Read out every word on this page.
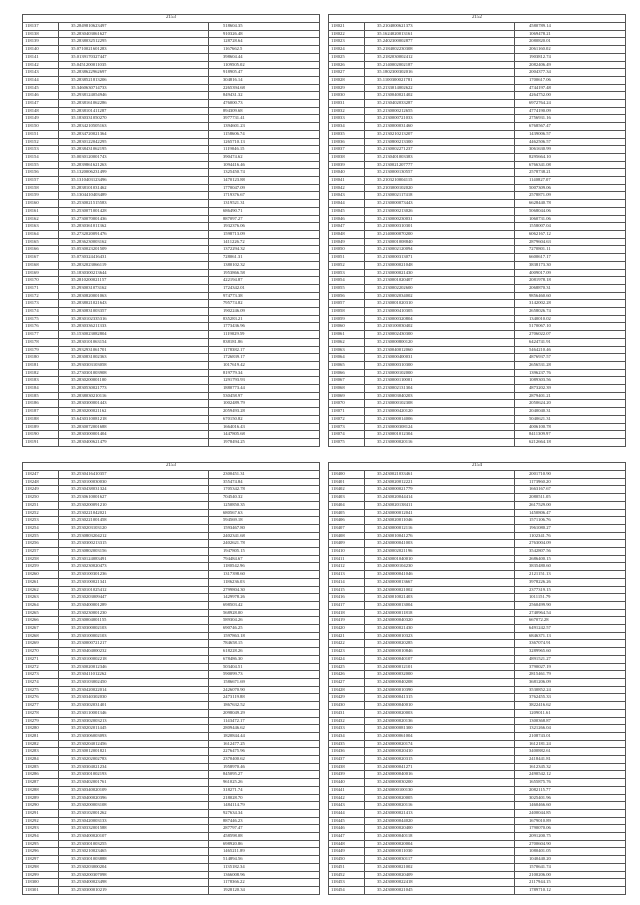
2153		
118137	35.2849810623497	518604.35
118138	35.2830403061627	910326.48
118139	35.2838032512295	128728.64
118140	35.0710021601283	1167662.5
118141	35.0139170327447	398604.44
118142	35.0451200011035	1109505.02
118143	35.2838622962697	918905.47
118144	35.2838521813206	304816.14
118145	35.3460630714733	2265394.68
118146	35.2938124054946	849431.32
118147	35.2838161062286	476000.73
118148	35.2838101411287	894309.68
118149	35.1830331050270	3977731.41
118150	35.2834210505163	1394601.23
118151	35.2834720021364	1158606.74
118152	35.2830122042295	1265710.13
118153	35.2838431062195	1119046.15
118154	35.0030120001743	390474.62
118155	35.2839861621263	1094416.46
118156	35.1320006231499	1325450.74
118157	35.1310403123496	1470123.88
118158	35.2838101031462	1770047.09
118159	35.1304410403489	1719376.67
118160	35.2530021515583	1319521.31
118161	35.2530071001428	686490.71
118162	35.2730070001436	887097.27
118163	35.2830361011362	1932376.06
118164	35.2732020091476	1598713.09
118165	35.2836230003162	1411226.72
118166	35.0530023201509	1372294.32
118167	35.0730324416431	728061.31
118168	35.2832023066119	1380102.32
118169	35.1830300213644	1953866.58
118170	35.2810200021157	422194.87
118171	35.2930031073162	1724342.01
118172	35.2830820001063	974773.38
118173	35.2838021021643	795774.82
118174	35.2830831003357	1902246.09
118175	35.2830102335316	835283.21
118176	35.2830336211333	1773436.96
118177	35.1530023082804	1119029.59
118178	35.2830101063154	838181.86
118179	35.2932931061701	1178382.17
118180	35.2830831002363	1726839.17
118181	35.2930303103058	1017619.42
118182	35.2730301003908	819779.34
118183	35.2830200001100	1291793.93
118184	35.2830530021773	1880773.44
118185	35.2838030210116	530458.97
118186	35.2830300001443	1002489.79
118187	35.2830200021162	2059493.28
118188	35.6430310081218	670150.82
118189	35.2830072001688	1664016.43
118190	35.2830300001404	1447805.68
118191	35.2830400621479	1978494.25
2152		
118021	35.2104000621373	4580789.14
118022	35.1624020013161	1069478.21
118023	35.2402300002877	2080820.01
118024	35.2184002230308	2061160.02
118025	35.2182030002412	1903812.74
118026	35.2140002002187	2082406.49
118027	35.1802300302016	2004377.34
118028	35.1100300021781	1700617.06
118029	35.2133014002622	4744197.48
118030	35.2130040021402	4264752.00
118031	35.2130402033287	6972764.24
118032	35.2130000212655	4774190.09
118033	35.2130000721033	2756931.16
118034	35.2130000031460	6768567.47
118035	35.2130210213207	1439006.57
118036	35.2130800213300	4462506.57
118037	35.2130002271237	3061630.99
118038	35.2130401003383	8295664.10
118039	35.2130021207777	6766341.08
118040	35.2130000130557	2578738.21
118041	35.2103210004115	1140827.07
118042	35.2103000102020	5007309.06
118043	35.2130002117418	2578871.09
118044	35.2130000073443	6628440.78
118045	35.2130000213026	5068044.06
118046	35.2130000230031	1060731.06
118047	35.2130000310301	1558007.04
118048	35.2140000070200	6062167.12
118049	35.2130001008840	2879604.63
118050	35.2130002120094	7270801.11
118051	35.2130000313071	6600617.17
118052	35.2130000021048	3838173.30
118053	35.2130000021430	4009017.09
118054	35.2130001020407	2081978.18
118055	35.2130002202600	2068870.31
118056	35.2130002034002	9856460.60
118057	35.2130001020310	3142002.28
118058	35.2130000410305	2658026.74
118059	35.2130000320804	1340010.02
118060	35.2130100030402	5170067.10
118061	35.2130002430300	2706022.07
118062	35.2130000800120	6424741.91
118063	35.2130040012060	5464210.46
118064	35.2130000400031	4876937.57
118065	35.2130000310300	2656531.28
118066	35.2130000102000	1396237.76
118067	35.2130000110001	1089303.56
118068	35.2130002131304	4873202.39
118069	35.2130003040203	2879401.21
118070	35.2130000102308	2050624.20
118071	35.2130000420120	2040040.31
118072	35.2130000014006	5040621.31
118073	35.2130000308124	4006100.78
118074	35.2130001012304	8411309.97
118075	35.2130000020116	6212664.18
2153		
118247	35.2530416410357	2300451.31
118248	35.2530100030030	355474.84
118249	35.2530438031324	1705342.78
118250	35.2530610001627	704540.32
118251	35.2530200091210	1250850.35
118252	35.2530221042021	680567.63
118253	35.2530221001458	594569.18
118254	35.2530203103120	1593467.80
118255	35.2530803204212	2402341.68
118256	35.2530300213315	2402621.78
118257	35.2530802003156	1947805.15
118258	35.2530124083491	794484.67
118259	35.2530230020473	1180542.96
118260	35.2530100301236	1317398.60
118261	35.2530100021341	1186236.03
118262	35.2530101025412	2799804.30
118263	35.2530203009447	1429978.26
118264	35.2530400001289	698503.42
118265	35.2530230001230	568928.00
118266	35.2530004001155	589304.26
118267	35.2530300002103	690746.25
118268	35.2530100002103	1597863.18
118269	35.2530000721217	784658.15
118270	35.2530404000232	618228.26
118271	35.2530100002218	678486.30
118272	35.2530020012346	503404.51
118273	35.2530411012262	590099.73
118274	35.2530103002450	1586671.69
118275	35.2530420022014	2426070.90
118276	35.2530340302030	2473119.88
118277	35.2530302031401	1867632.52
118278	35.2530110001346	2098049.29
118279	35.2530302003213	1143472.17
118280	35.2530202011445	2809446.62
118281	35.2530306003093	1820844.44
118282	35.2530204012456	1612477.25
118283	35.2530012001821	2276475.96
118284	35.2530202002783	2370400.62
118285	35.2530304021234	1958970.46
118286	35.2530301002193	845095.27
118287	35.2530402001761	961025.26
118288	35.2530340020109	318271.74
118289	35.2530400020396	218028.70
118290	35.2530200003108	1484114.79
118291	35.2530102001262	927634.34
118292	35.2530420003133	887446.23
118293	35.2530332001588	287797.47
118294	35.2530400020107	458598.08
118295	35.2530301003255	698920.86
118296	35.2530210023465	1465211.89
118297	35.2530301003888	514894.56
118298	35.2530203000204	1135182.34
118299	35.2530200307098	1366008.96
118300	35.2530400023498	1178366.22
118301	35.2530300010219	1928120.34
2154		
118400	35.2430021033461	2001710.90
118401	35.2430020012221	1173960.20
118402	35.2430000021779	1663167.67
118403	35.2430020044414	2080511.05
118404	35.2430020138411	2617529.00
118405	35.2430000012041	1450806.47
118406	35.2430020011046	1571106.76
118407	35.2430000012116	1961080.27
118408	35.2430010041276	1102341.76
118409	35.2430000041003	2763004.09
118410	35.2430002021196	3542807.56
118411	35.2430001040010	2686400.15
118412	35.2430000104230	3835480.60
118413	35.2430000041046	2121151.13
118414	35.2430000013667	3978226.26
118415	35.2430000021002	2377319.15
118416	35.2430010021403	1011151.79
118417	35.2430000013004	2560499.90
118418	35.2430000011818	2740964.54
118419	35.2430000040320	667072.28
118420	35.2430000021430	6491242.57
118421	35.2430000010323	6846371.13
118422	35.2430000020285	3367074.91
118423	35.2430000010846	3289965.60
118424	35.2430000040107	4891521.27
118425	35.2430000012101	3790027.19
118426	35.2430000032000	2815461.79
118427	35.2430000040208	3681206.09
118428	35.2430000010390	3530852.24
118429	35.2430000041315	3762455.33
118430	35.2430000040010	3822416.62
118431	35.2430000020003	1209011.61
118432	35.2430000020136	1300368.87
118433	35.2430000081300	1321266.04
118434	35.2430000061004	2108743.01
118435	35.2430000020174	1612181.24
118436	35.2430000020410	3400882.61
118437	35.2430000020315	2418441.81
118438	35.2430000041271	1612345.32
118439	35.2430000040016	2490542.12
118440	35.2430000030200	1655875.76
118441	35.2430000100130	2082115.77
118442	35.2430000020005	3025401.96
118443	35.2430000020116	1460466.60
118444	35.2430000021413	2400044.85
118445	35.2430000044020	1679010.89
118446	35.2430000020400	1790070.06
118447	35.2430000040118	2091200.75
118448	35.2430000020004	2700604.90
118449	35.2430000011030	1080401.05
118450	35.2430000030117	1040440.20
118451	35.2430000021002	1570641.74
118452	35.2430000020409	2100206.00
118453	35.2430000022418	2117944.15
118454	35.2430000021045	1789710.12
